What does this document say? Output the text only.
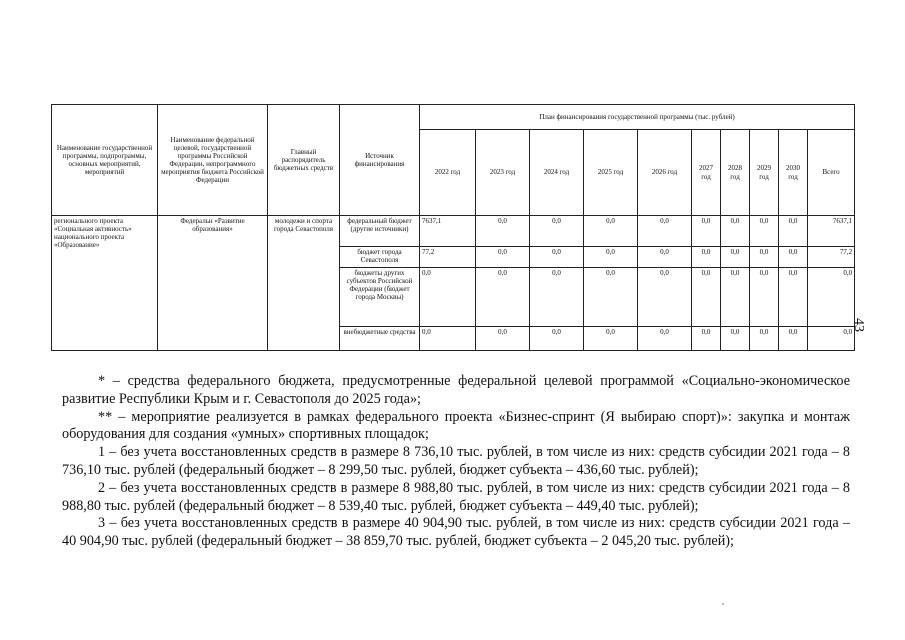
Наименование государственной программы, подпрограммы, основных мероприятий, мероприятий	Наименование федеральной целевой, государственной программы Российской Федерации, непрограммного мероприятия бюджета Российской Федерации	Главный распорядитель бюджетных средств	Источник финансирования	План финансирования государственной программы (тыс. рублей)									
				2022 год	2023 год	2024 год	2025 год	2026 год	2027 год	2028 год	2029 год	2030 год	Всего
регионального проекта «Социальная активность» национального проекта «Образование»	Федеральн «Развитие образования»	молодежи и спорта города Севастополя	федеральный бюджет (другие источники)	7637,1	0,0	0,0	0,0	0,0	0,0	0,0	0,0	0,0	7637,1
			бюджет города Севастополя	77,2	0,0	0,0	0,0	0,0	0,0	0,0	0,0	0,0	77,2
			бюджеты других субъектов Российской Федерации (бюджет города Москвы)	0,0	0,0	0,0	0,0	0,0	0,0	0,0	0,0	0,0	0,0
			внебюджетные средства	0,0	0,0	0,0	0,0	0,0	0,0	0,0	0,0	0,0	0,0
43

* – средства федерального бюджета, предусмотренные федеральной целевой программой «Социально-экономическое развитие Республики Крым и г. Севастополя до 2025 года»;

** – мероприятие реализуется в рамках федерального проекта «Бизнес-спринт (Я выбираю спорт)»: закупка и монтаж оборудования для создания «умных» спортивных площадок;

1 – без учета восстановленных средств в размере 8 736,10 тыс. рублей, в том числе из них: средств субсидии 2021 года – 8 736,10 тыс. рублей (федеральный бюджет – 8 299,50 тыс. рублей, бюджет субъекта – 436,60 тыс. рублей);

2 – без учета восстановленных средств в размере 8 988,80 тыс. рублей, в том числе из них: средств субсидии 2021 года – 8 988,80 тыс. рублей (федеральный бюджет – 8 539,40 тыс. рублей, бюджет субъекта – 449,40 тыс. рублей);

3 – без учета восстановленных средств в размере 40 904,90 тыс. рублей, в том числе из них: средств субсидии 2021 года – 40 904,90 тыс. рублей (федеральный бюджет – 38 859,70 тыс. рублей, бюджет субъекта – 2 045,20 тыс. рублей);
